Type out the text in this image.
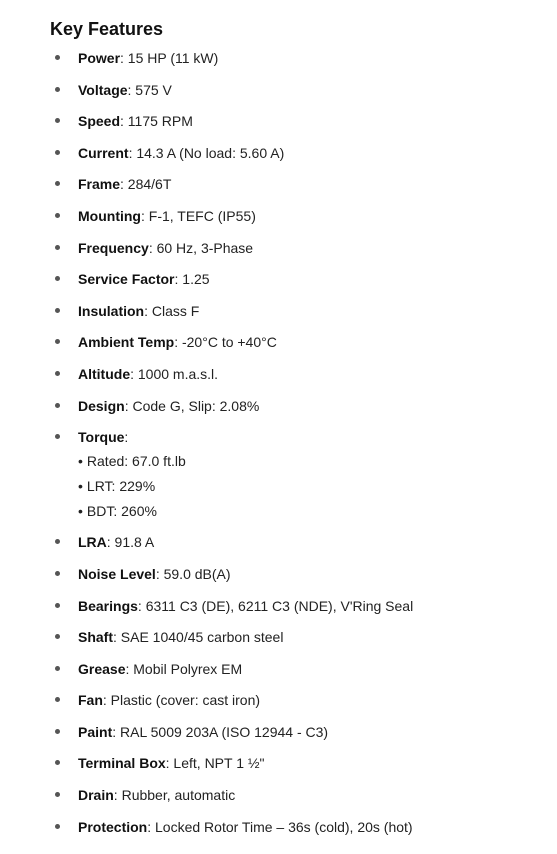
Key Features
Power: 15 HP (11 kW)
Voltage: 575 V
Speed: 1175 RPM
Current: 14.3 A (No load: 5.60 A)
Frame: 284/6T
Mounting: F-1, TEFC (IP55)
Frequency: 60 Hz, 3-Phase
Service Factor: 1.25
Insulation: Class F
Ambient Temp: -20°C to +40°C
Altitude: 1000 m.a.s.l.
Design: Code G, Slip: 2.08%
Torque:
• Rated: 67.0 ft.lb
• LRT: 229%
• BDT: 260%
LRA: 91.8 A
Noise Level: 59.0 dB(A)
Bearings: 6311 C3 (DE), 6211 C3 (NDE), V'Ring Seal
Shaft: SAE 1040/45 carbon steel
Grease: Mobil Polyrex EM
Fan: Plastic (cover: cast iron)
Paint: RAL 5009 203A (ISO 12944 - C3)
Terminal Box: Left, NPT 1 ½"
Drain: Rubber, automatic
Protection: Locked Rotor Time – 36s (cold), 20s (hot)
